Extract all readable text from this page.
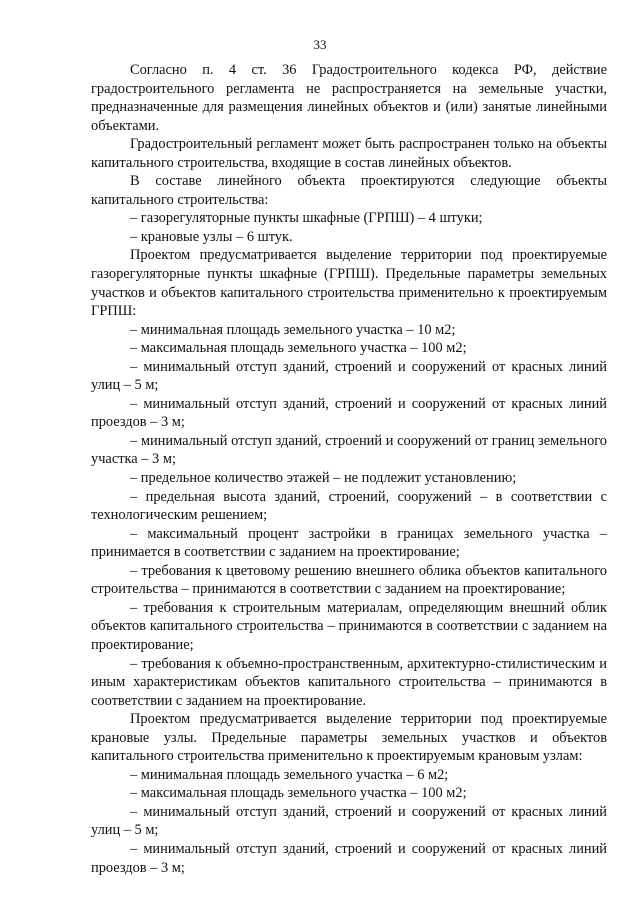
33

Согласно п. 4 ст. 36 Градостроительного кодекса РФ, действие градостроительного регламента не распространяется на земельные участки, предназначенные для размещения линейных объектов и (или) занятые линейными объектами.

Градостроительный регламент может быть распространен только на объекты капитального строительства, входящие в состав линейных объектов.

В составе линейного объекта проектируются следующие объекты капитального строительства:

– газорегуляторные пункты шкафные (ГРПШ) – 4 штуки;

– крановые узлы – 6 штук.

Проектом предусматривается выделение территории под проектируемые газорегуляторные пункты шкафные (ГРПШ). Предельные параметры земельных участков и объектов капитального строительства применительно к проектируемым ГРПШ:

– минимальная площадь земельного участка – 10 м2;

– максимальная площадь земельного участка – 100 м2;

– минимальный отступ зданий, строений и сооружений от красных линий улиц – 5 м;

– минимальный отступ зданий, строений и сооружений от красных линий проездов – 3 м;

– минимальный отступ зданий, строений и сооружений от границ земельного участка – 3 м;

– предельное количество этажей – не подлежит установлению;

– предельная высота зданий, строений, сооружений – в соответствии с технологическим решением;

– максимальный процент застройки в границах земельного участка – принимается в соответствии с заданием на проектирование;

– требования к цветовому решению внешнего облика объектов капитального строительства – принимаются в соответствии с заданием на проектирование;

– требования к строительным материалам, определяющим внешний облик объектов капитального строительства – принимаются в соответствии с заданием на проектирование;

– требования к объемно-пространственным, архитектурно-стилистическим и иным характеристикам объектов капитального строительства – принимаются в соответствии с заданием на проектирование.

Проектом предусматривается выделение территории под проектируемые крановые узлы. Предельные параметры земельных участков и объектов капитального строительства применительно к проектируемым крановым узлам:

– минимальная площадь земельного участка – 6 м2;

– максимальная площадь земельного участка – 100 м2;

– минимальный отступ зданий, строений и сооружений от красных линий улиц – 5 м;

– минимальный отступ зданий, строений и сооружений от красных линий проездов – 3 м;
